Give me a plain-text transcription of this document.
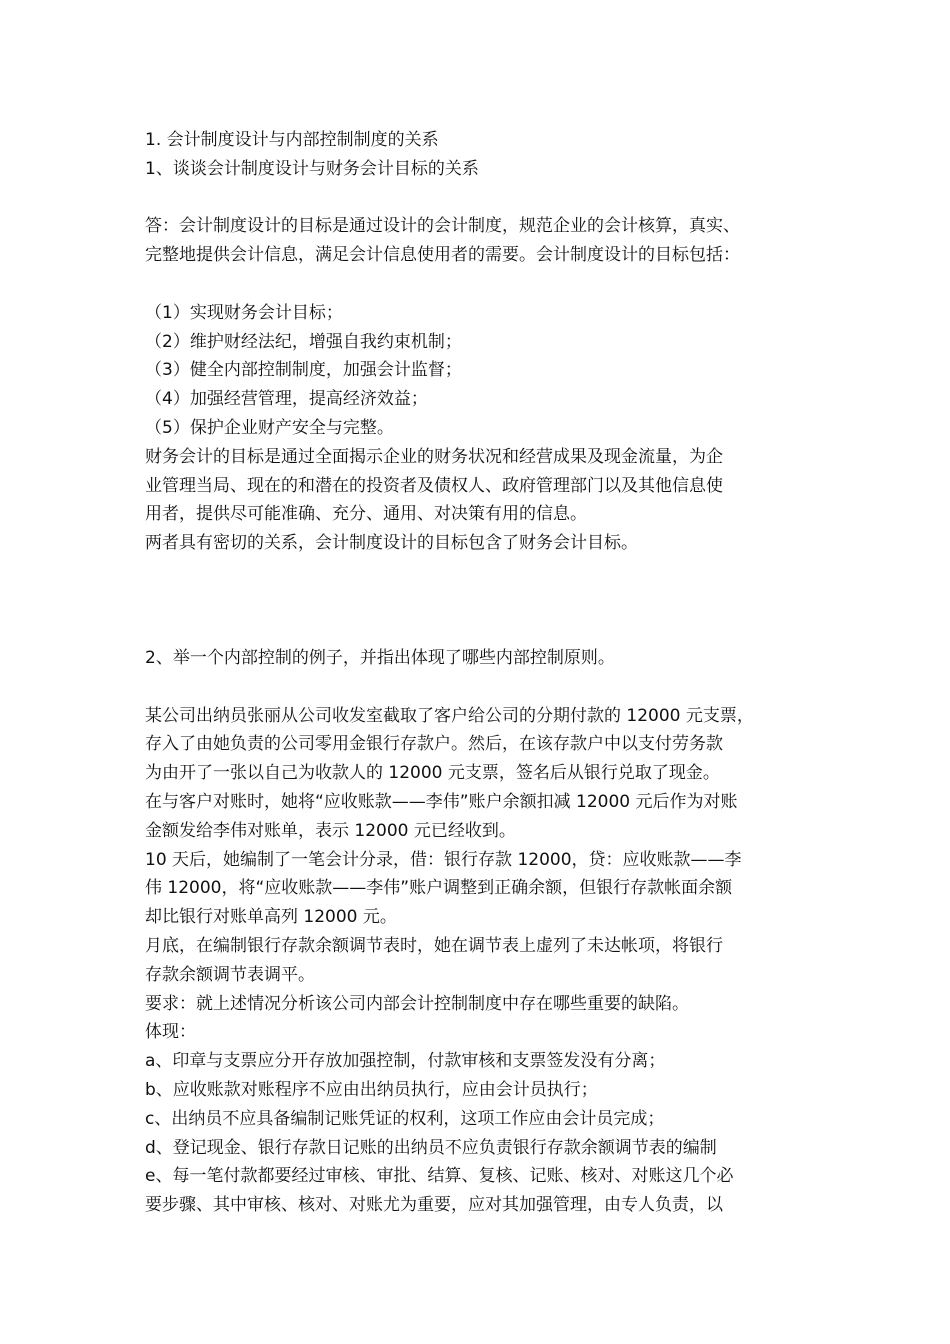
1. 会计制度设计与内部控制制度的关系
1、谈谈会计制度设计与财务会计目标的关系
答：会计制度设计的目标是通过设计的会计制度，规范企业的会计核算，真实、
完整地提供会计信息，满足会计信息使用者的需要。会计制度设计的目标包括：
（1）实现财务会计目标；
（2）维护财经法纪，增强自我约束机制；
（3）健全内部控制制度，加强会计监督；
（4）加强经营管理，提高经济效益；
（5）保护企业财产安全与完整。
财务会计的目标是通过全面揭示企业的财务状况和经营成果及现金流量，为企
业管理当局、现在的和潜在的投资者及债权人、政府管理部门以及其他信息使
用者，提供尽可能准确、充分、通用、对决策有用的信息。
两者具有密切的关系，会计制度设计的目标包含了财务会计目标。
2、举一个内部控制的例子，并指出体现了哪些内部控制原则。
某公司出纳员张丽从公司收发室截取了客户给公司的分期付款的 12000 元支票，
存入了由她负责的公司零用金银行存款户。然后，在该存款户中以支付劳务款
为由开了一张以自己为收款人的 12000 元支票，签名后从银行兑取了现金。
在与客户对账时，她将“应收账款——李伟”账户余额扣减 12000 元后作为对账
金额发给李伟对账单，表示 12000 元已经收到。
10 天后，她编制了一笔会计分录，借：银行存款 12000，贷：应收账款——李
伟 12000，将“应收账款——李伟”账户调整到正确余额，但银行存款帐面余额
却比银行对账单高列 12000 元。
月底，在编制银行存款余额调节表时，她在调节表上虚列了未达帐项，将银行
存款余额调节表调平。
要求：就上述情况分析该公司内部会计控制制度中存在哪些重要的缺陷。
体现：
a、印章与支票应分开存放加强控制，付款审核和支票签发没有分离；
b、应收账款对账程序不应由出纳员执行，应由会计员执行；
c、出纳员不应具备编制记账凭证的权利，这项工作应由会计员完成；
d、登记现金、银行存款日记账的出纳员不应负责银行存款余额调节表的编制
e、每一笔付款都要经过审核、审批、结算、复核、记账、核对、对账这几个必
要步骤、其中审核、核对、对账尤为重要，应对其加强管理，由专人负责，以
